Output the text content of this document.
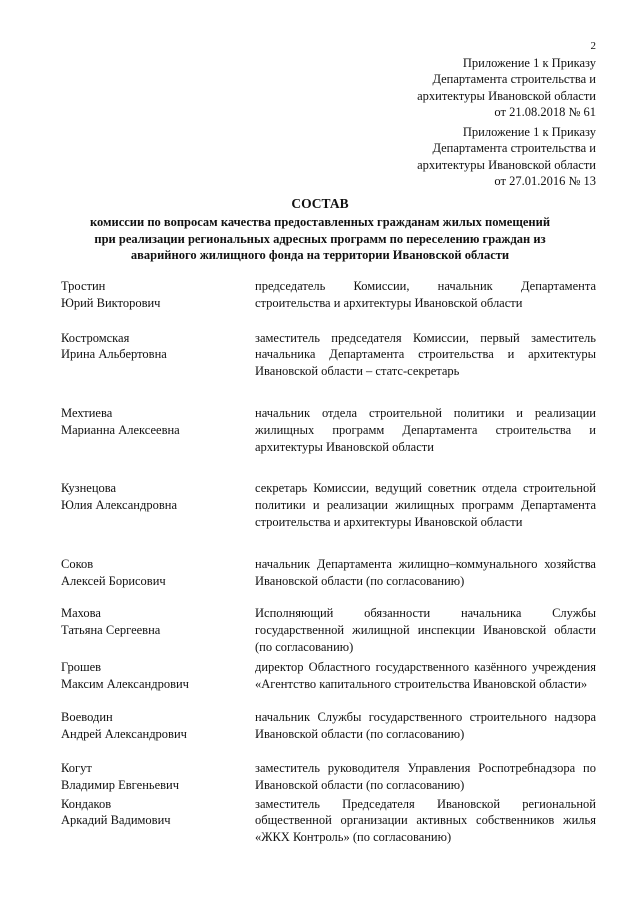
2
Приложение 1 к Приказу
Департамента строительства и
архитектуры Ивановской области
от 21.08.2018 № 61
Приложение 1 к Приказу
Департамента строительства и
архитектуры Ивановской области
от 27.01.2016 № 13
СОСТАВ
комиссии по вопросам качества предоставленных гражданам жилых помещений
при реализации региональных адресных программ по переселению граждан из
аварийного жилищного фонда на территории Ивановской области
Тростин
Юрий Викторович
председатель Комиссии, начальник Департамента строительства и архитектуры Ивановской области
Костромская
Ирина Альбертовна
заместитель председателя Комиссии, первый заместитель начальника Департамента строительства и архитектуры Ивановской области – статс-секретарь
Мехтиева
Марианна Алексеевна
начальник отдела строительной политики и реализации жилищных программ Департамента строительства и архитектуры Ивановской области
Кузнецова
Юлия Александровна
секретарь Комиссии, ведущий советник отдела строительной политики и реализации жилищных программ Департамента строительства и архитектуры Ивановской области
Соков
Алексей Борисович
начальник Департамента жилищно–коммунального хозяйства Ивановской области (по согласованию)
Махова
Татьяна Сергеевна
Исполняющий обязанности начальника Службы государственной жилищной инспекции Ивановской области (по согласованию)
Грошев
Максим Александрович
директор Областного государственного казённого учреждения «Агентство капитального строительства Ивановской области»
Воеводин
Андрей Александрович
начальник Службы государственного строительного надзора Ивановской области (по согласованию)
Когут
Владимир Евгеньевич
заместитель руководителя Управления Роспотребнадзора по Ивановской области (по согласованию)
Кондаков
Аркадий Вадимович
заместитель Председателя Ивановской региональной общественной организации активных собственников жилья «ЖКХ Контроль» (по согласованию)
